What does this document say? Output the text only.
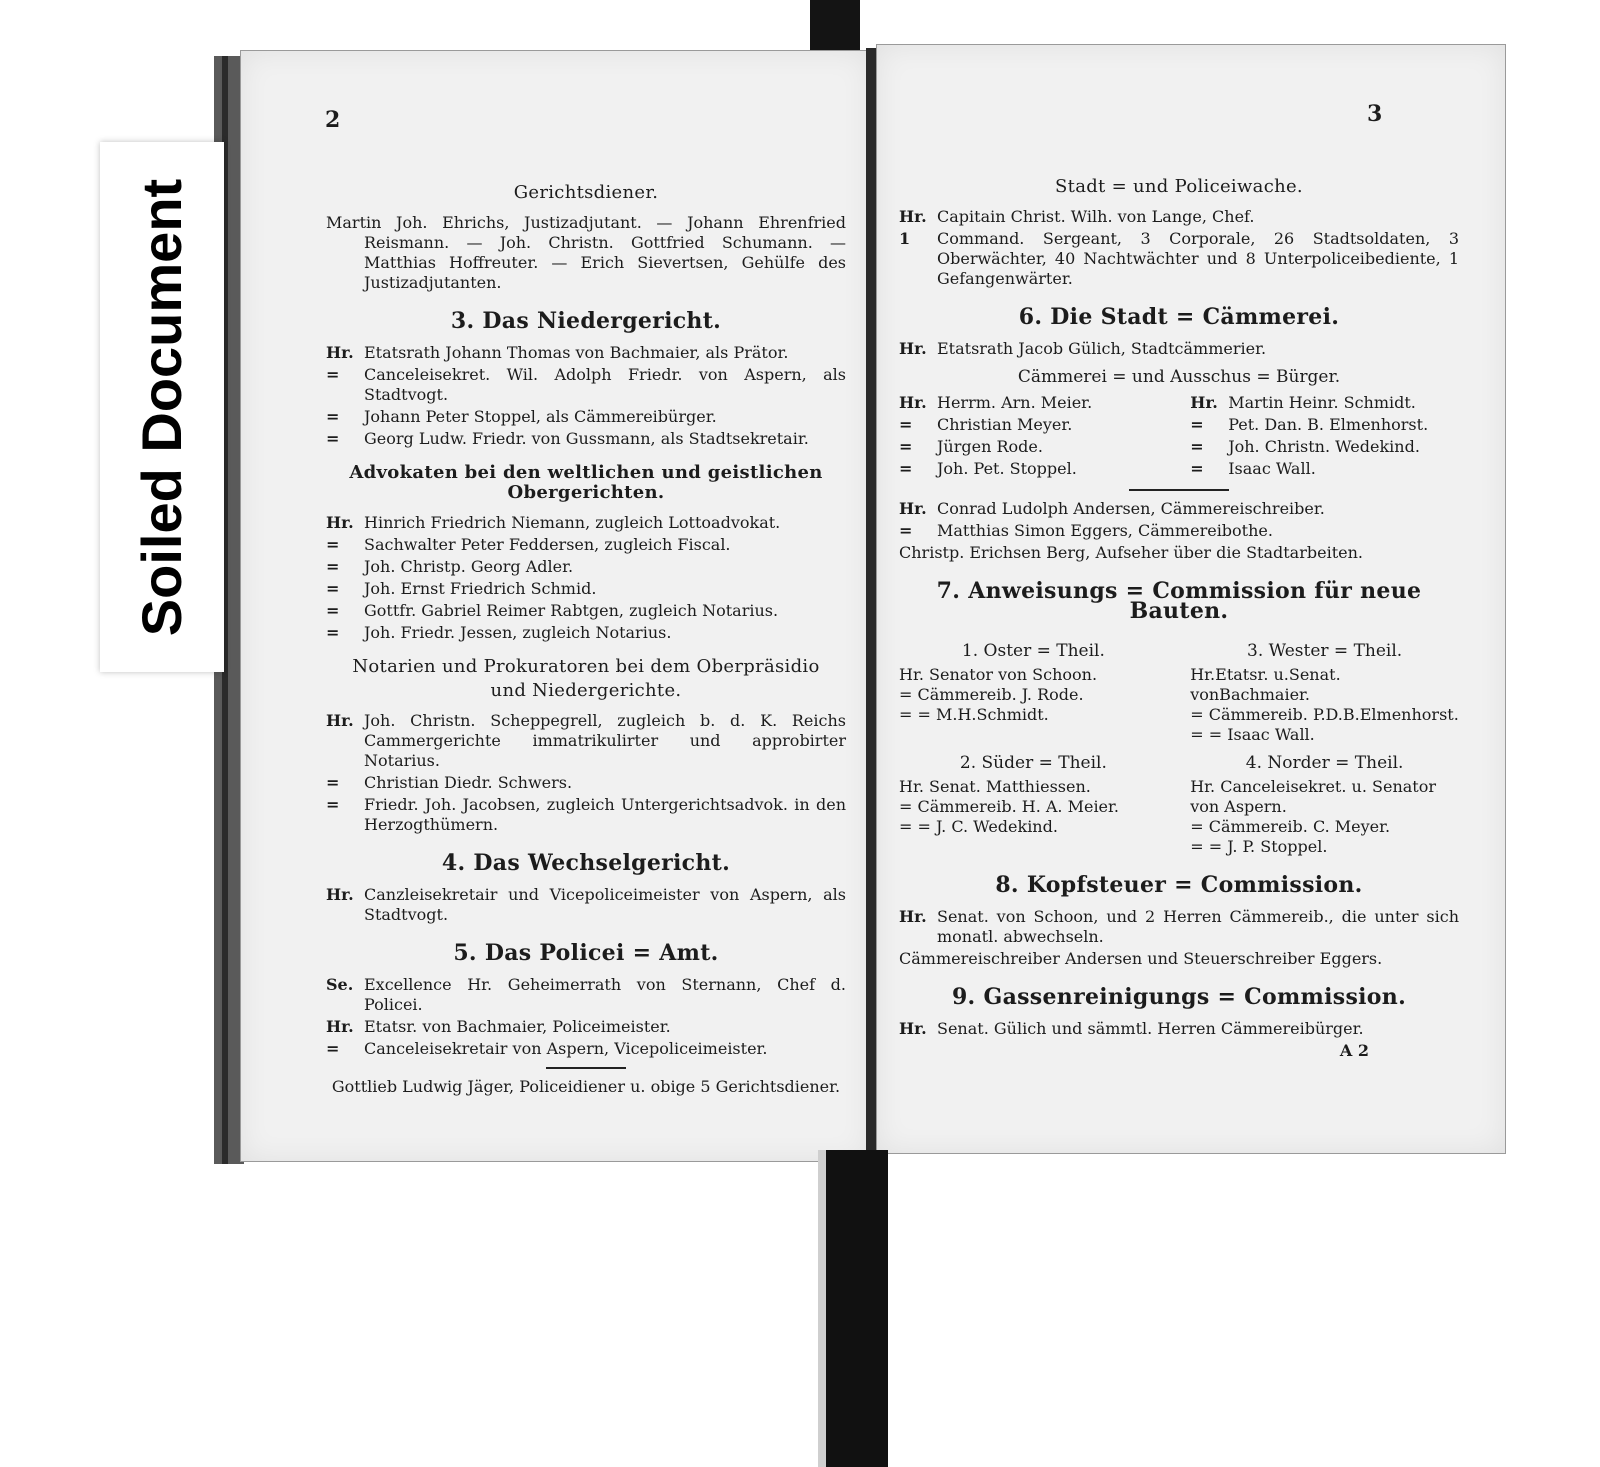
Soiled Document
2
Gerichtsdiener.
Martin Joh. Ehrichs, Justizadjutant. — Johann Ehrenfried Reismann. — Joh. Christn. Gottfried Schumann. — Matthias Hoffreuter. — Erich Sievertsen, Gehülfe des Justizadjutanten.
3. Das Niedergericht.
Hr. Etatsrath Johann Thomas von Bachmaier, als Prätor.
=	Canceleisekret. Wil. Adolph Friedr. von Aspern, als Stadtvogt.
=	Johann Peter Stoppel, als Cämmereibürger.
=	Georg Ludw. Friedr. von Gussmann, als Stadtsekretair.
Advokaten bei den weltlichen und geistlichen Obergerichten.
Hr. Hinrich Friedrich Niemann, zugleich Lottoadvokat.
=	Sachwalter Peter Feddersen, zugleich Fiscal.
=	Joh. Christp. Georg Adler.
=	Joh. Ernst Friedrich Schmid.
=	Gottfr. Gabriel Reimer Rabtgen, zugleich Notarius.
=	Joh. Friedr. Jessen, zugleich Notarius.
Notarien und Prokuratoren bei dem Oberpräsidio
und Niedergerichte.
Hr. Joh. Christn. Scheppegrell, zugleich b. d. K. Reichs Cammergerichte immatrikulirter und approbirter Notarius.
=	Christian Diedr. Schwers.
=	Friedr. Joh. Jacobsen, zugleich Untergerichtsadvok. in den Herzogthümern.
4. Das Wechselgericht.
Hr. Canzleisekretair und Vicepoliceimeister von Aspern, als Stadtvogt.
5. Das Policei = Amt.
Se. Excellence Hr. Geheimerrath von Sternann, Chef d. Policei.
Hr. Etatsr. von Bachmaier, Policeimeister.
=	Canceleisekretair von Aspern, Vicepoliceimeister.
Gottlieb Ludwig Jäger, Policeidiener u. obige 5 Gerichtsdiener.
3
Stadt = und Policeiwache.
Hr. Capitain Christ. Wilh. von Lange, Chef.
1	Command. Sergeant, 3 Corporale, 26 Stadtsoldaten, 3 Oberwächter, 40 Nachtwächter und 8 Unterpoliceibediente, 1 Gefangenwärter.
6. Die Stadt = Cämmerei.
Hr. Etatsrath Jacob Gülich, Stadtcämmerier.
Cämmerei = und Ausschus = Bürger.
Hr. Herrm. Arn. Meier.
=	Christian Meyer.
=	Jürgen Rode.
=	Joh. Pet. Stoppel.
Hr. Martin Heinr. Schmidt.
=	Pet. Dan. B. Elmenhorst.
=	Joh. Christn. Wedekind.
=	Isaac Wall.
Hr. Conrad Ludolph Andersen, Cämmereischreiber.
=	Matthias Simon Eggers, Cämmereibothe.
Christp. Erichsen Berg, Aufseher über die Stadtarbeiten.
7. Anweisungs = Commission für neue Bauten.
1. Oster = Theil.
Hr. Senator von Schoon.
= Cämmereib. J. Rode.
= = M.H.Schmidt.
3. Wester = Theil.
Hr.Etatsr. u.Senat. vonBachmaier.
= Cämmereib. P.D.B.Elmenhorst.
= = Isaac Wall.
2. Süder = Theil.
Hr. Senat. Matthiessen.
= Cämmereib. H. A. Meier.
= = J. C. Wedekind.
4. Norder = Theil.
Hr. Canceleisekret. u. Senator von Aspern.
= Cämmereib. C. Meyer.
= = J. P. Stoppel.
8. Kopfsteuer = Commission.
Hr. Senat. von Schoon, und 2 Herren Cämmereib., die unter sich monatl. abwechseln.
Cämmereischreiber Andersen und Steuerschreiber Eggers.
9. Gassenreinigungs = Commission.
Hr. Senat. Gülich und sämmtl. Herren Cämmereibürger.
A 2
